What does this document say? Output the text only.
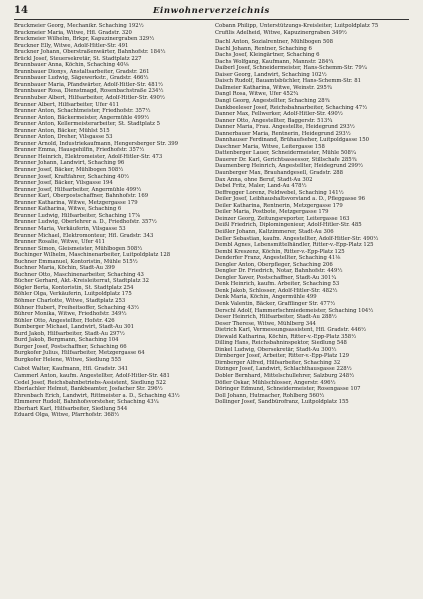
14	Einwohnerverzeichnis
Bruckmeier Georg, Mechanikr. Schaching 192½
Bruckmeier Maria, Witwe, Hfl. Gradstr. 320
Bruckmeier Wilhelm, Brkpr, Kapuzinergraben 329½
Bruckner Elly, Witwe, Adolf-Hitler-Str. 491
Bruckner Johann, Oberstraßenwärter, Bahnhofstr. 184½
Brückl Josef, Steuersekretär, St. Stadtplatz 227
Brunnbauer Anna, Köchin, Schaching 40⅛
Brunnbauer Dionys, Anstaltsarbeiter, Gradstr. 261
Brunnbauer Ludwig, Sägewerkstr., Gradstr. 466½
Brunnbauer Maria, Pfandwärter, Adolf-Hitler-Str. 481½
Brunnbauer Rosa, Dienstmagd, Rosenbachstraße 234½
Brunnhuber Albert, Hilfsarbeiter, Adolf-Hitler-Str. 490½
Brunner Albert, Hilfsarbeiter, Ufer 411
Brunner Anton, Schachtmeister, Friedhofstr. 357½
Brunner Anton, Bäckermeister, Angermühle 499½
Brunner Anton, Kellermeisterarbeiter, St. Stadtplatz 5
Brunner Anton, Bäcker, Mühlst 515
Brunner Anton, Dreher, Vilsgasse 53
Brunner Arnold, Industriekaufmann, Hengersberger Str. 399
Brunner Emma, Hausgehilfin, Friedhofstr. 357½
Brunner Heinrich, Elektromeister, Adolf-Hitler-Str. 473
Brunner Johann, Landwirt, Schaching 96
Brunner Josef, Bäcker, Mühlbogen 508½
Brunner Josef, Kraftfahrer, Schaching 40½
Brunner Josef, Bäcker, Vilsgasse 194
Brunner Josef, Hilfsarbeiter, Angermühle 499½
Brunner Karl, Oberpostschaffner, Bahnhofstr. 169
Brunner Katharina, Witwe, Metzgergasse 179
Brunner Katharina, Witwe, Schaching 6
Brunner Ludwig, Hilfsarbeiter, Schaching 17⅞
Brunner Ludwig, Oberlehrer a. D., Friedhofstr. 357½
Brunner Maria, Verkäuferin, Vilsgasse 53
Brunner Michael, Elektromonteur, Hfl. Gradstr. 343
Brunner Rosalie, Witwe, Ufer 411
Brunner Simon, Gleismeister, Mühlbogen 508½
Buchinger Wilhelm, Maschinenarbeiter, Luitpoldplatz 128
Buchner Emmanuel, Kontoristin, Mühle 515½
Buchner Maria, Köchin, Stadt-Au 399
Buchner Otto, Maschinenarbeiter, Schaching 43
Bücher Gerhard, Akt.-Kreisleiterrat, Stadtplatz 32
Bögler Berta, Kontoristin, St. Stadtplatz 254
Böhler Olga, Verkäuferin, Luitpoldplatz 175
Böhmer Charlotte, Witwe, Stadtplatz 253
Bühner Hubert, Freiheitsoffer, Schaching 43½
Bührer Monika, Witwe, Friedhofstr. 349½
Bühler Otto, Angestellter, Hofstr. 426
Bumberger Michael, Landwirt, Stadt-Au 301
Burd Jakob, Hilfsarbeiter, Stadt-Au 297½
Burd Jakob, Bergmann, Schaching 104
Burger Josef, Postschaffner, Schaching 66
Burgkofer Julius, Hilfsarbeiter, Metzgergasse 64
Burgkofer Helene, Witwe, Siedlung 555
Cabot Walter, Kaufmann, Hfl. Gradstr. 341
Cammerl Anton, kaufm. Angestellter, Adolf-Hitler-Str. 481
Cedel Josef, Reichsbahnbetriebs-Assistent, Siedlung 522
Eberlachler Helmut, Bankbeamter, Josfacher Str. 296½
Ehrenbach Erich, Landwirt, Rittmeister a. D., Schaching 43½
Elmmerer Rudolf, Bahnhofsvorsteher, Schaching 43¼
Eberhart Karl, Hilfsarbeiter, Siedlung 544
Eduard Olga, Witwe, Pfarrhofstr. 368½
Cobann Philipp, Unterstützungs-Kreisleiter, Luitpoldplatz 75
Crufilis Adelheid, Witwe, Kapuzinergraben 349½
Dachl Anton, Sozialrentner, Mühlbogen 508
Dachl Johann, Rentner, Schaching 6
Dachs Josef, Kleingärtner, Schaching 6
Dachs Wolfgang, Kaufmann, Mannstr. 284¾
Daiberl Josef, Schneidermeister, Hans-Schemm-Str. 79¼
Daiser Georg, Landwirt, Schaching 102½
Daisch Rudolf, Bauamtsbüchler, Hans-Schemm-Str. 81
Dallmeier Katharina, Witwe, Weinstr. 295¾
Dangl Rosa, Witwe, Ufer 452¾
Dangl Georg, Angestellter, Schaching 28¾
Dankbeeleser Josef, Reichsbahnarbeiter, Schaching 47½
Danner Max, Fellwerker, Adolf-Hitler-Str. 490½
Danner Otto, Angestellter, Baggerstr. 513¾
Danner Maria, Frau. Angestellte, Heidegrund 293½
Dannerbauer Maria, Rentnerin, Heidegrund 293½
Dannhauser Ferdinand, Brühaufseher, Luitpoldgasse 150
Daschner Maria, Witwe, Leitergasse 158
Dattenberger Lauer, Schneidermeister, Mühle 508¼
Dauerer Dr. Karl, Gerichtsassessor, Stillschafe 285¾
Daumenberg Heinrich, Angestellter, Heidegrund 299½
Daunberger Max, Brauhandgesell, Gradstr. 288
Dax Anna, ohne Beruf, Stadt-Au 302
Debel Fritz, Maler, Land-Au 478½
Deffregger Lorenz, Feldwebel, Schaching 141½
Deiler Josef, Leibhaushaltsvorstand a. D., Pfleggasse 96
Deiler Katharina, Rentnerin, Metzgergasse 179
Deiler Maria, Postbote, Metzgergasse 179
Deinzer Georg, Zeitungsreporter, Leitergasse 163
Deißl Friedrich, Diplomingenieur, Adolf-Hitler-Str. 485
Deißler Johann, Kaltzimmerer, Stadt-Au 306
Deller Sebastian, kaufm. Angestellter, Adolf-Hitler-Str. 490½
Dembl Agnes, Lebensmittelhändler, Ritter-v.-Epp-Platz 125
Dembl Kreszenz, Köchin, Ritter-v.-Epp-Platz 125
Denderfer Franz, Angestellter, Schaching 41⅛
Dengler Anton, Oberpfleger, Schaching 206
Dengler Dr. Friedrich, Notar, Bahnhofstr. 449½
Dengler Xaver, Postschaffner, Stadt-Au 301¼
Denk Heinrich, kaufm. Arbeiter, Schaching 53
Denk Jakob, Schlosser, Adolf-Hitler-Str. 482½
Denk Maria, Köchin, Angermühle 499
Denk Valentin, Bäcker, Grafflinger Str. 477½
Derschl Adolf, Hammerlschmiedemeister, Schaching 104½
Deser Heinrich, Hilfsarbeiter, Stadt-Au 288½
Deser Therese, Witwe, Mühlberg 344
Dietrich Karl, Vermessungsassistent, Hfl. Gradstr. 446½
Diewald Katharina, Köchin, Ritter-v.-Epp-Platz 358½
Dilling Hans, Reichsbahninspektor, Siedlung 548
Dinkel Ludwig, Obersekretär, Stadt-Au 300½
Dirnberger Josef, Arbeiter, Ritter-v.-Epp-Platz 129
Dirnberger Alfred, Hilfsarbeiter, Schaching 32
Dizinger Josef, Landwirt, Schlachthausgasse 228½
Dobler Bernhard, Mittelschullehrer, Salzburg 248½
Döfler Oskar, Mühlschlosser, Angerstr. 496½
Döringer Edmund, Schneidermeister, Rosengasse 107
Doll Johann, Hutmacher, Rohlberg 560½
Dollinger Josef, Sandbürofranz, Luitpoldplatz 155
